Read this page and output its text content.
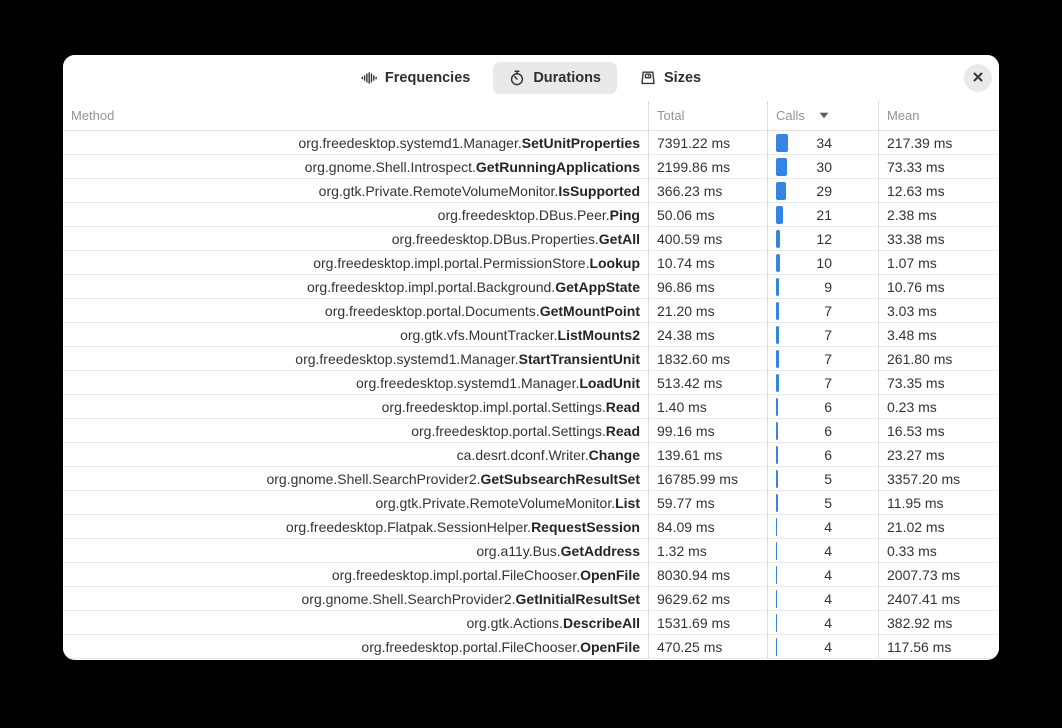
Frequencies	Durations	Sizes
Method	Total	Calls	Mean
org.freedesktop.systemd1.Manager. SetUnitProperties 7391.22 ms	34	217.39 ms
org.gnome.Shell.Introspect. GetRunningApplications 2199.86 ms	30	73.33 ms
org.gtk.Private.RemoteVolumeMonitor. IsSupported 366.23 ms	29	12.63 ms
org.freedesktop.DBus.Peer. Ping 50.06 ms	21	2.38 ms
org.freedesktop.DBus.Properties. GetAll 400.59 ms	12	33.38 ms
org.freedesktop.impl.portal.PermissionStore. Lookup 10.74 ms	10	1.07 ms
org.freedesktop.impl.portal.Background. GetAppState 96.86 ms	9	10.76 ms
org.freedesktop.portal.Documents. GetMountPoint 21.20 ms	7	3.03 ms
org.gtk.vfs.MountTracker. ListMounts2 24.38 ms	7	3.48 ms
org.freedesktop.systemd1.Manager. StartTransientUnit 1832.60 ms	7	261.80 ms
org.freedesktop.systemd1.Manager. LoadUnit 513.42 ms	7	73.35 ms
org.freedesktop.impl.portal.Settings. Read 1.40 ms	6	0.23 ms
org.freedesktop.portal.Settings. Read 99.16 ms	6	16.53 ms
ca.desrt.dconf.Writer. Change 139.61 ms	6	23.27 ms
org.gnome.Shell.SearchProvider2. GetSubsearchResultSet 16785.99 ms	5	3357.20 ms
org.gtk.Private.RemoteVolumeMonitor. List 59.77 ms	5	11.95 ms
org.freedesktop.Flatpak.SessionHelper. RequestSession 84.09 ms	4	21.02 ms
org.a11y.Bus. GetAddress 1.32 ms	4	0.33 ms
org.freedesktop.impl.portal.FileChooser. OpenFile 8030.94 ms	4	2007.73 ms
org.gnome.Shell.SearchProvider2. GetInitialResultSet 9629.62 ms	4	2407.41 ms
org.gtk.Actions. DescribeAll 1531.69 ms	4	382.92 ms
org.freedesktop.portal.FileChooser. OpenFile 470.25 ms	4	117.56 ms
